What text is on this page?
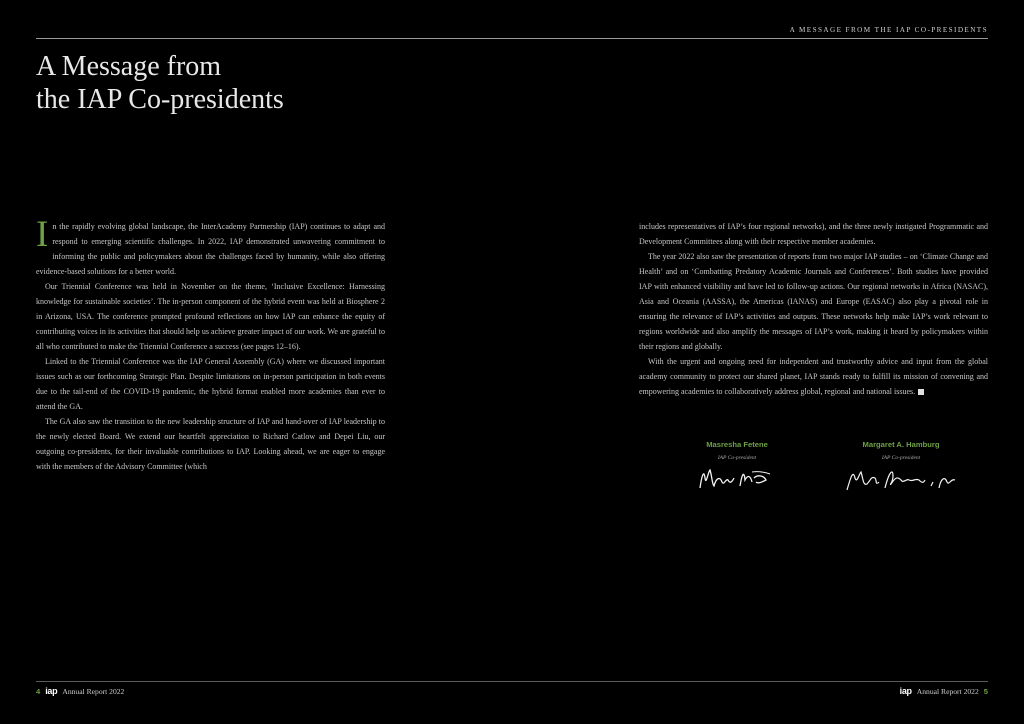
A MESSAGE FROM THE IAP CO-PRESIDENTS
A Message from
the IAP Co-presidents

In the rapidly evolving global landscape, the InterAcademy Partnership (IAP) continues to adapt and respond to emerging scientific challenges. In 2022, IAP demonstrated unwavering commitment to informing the public and policymakers about the challenges faced by humanity, while also offering evidence-based solutions for a better world.

Our Triennial Conference was held in November on the theme, ‘Inclusive Excellence: Harnessing knowledge for sustainable societies’. The in-person component of the hybrid event was held at Biosphere 2 in Arizona, USA. The conference prompted profound reflections on how IAP can enhance the equity of contributing voices in its activities that should help us achieve greater impact of our work. We are grateful to all who contributed to make the Triennial Conference a success (see pages 12–16).

Linked to the Triennial Conference was the IAP General Assembly (GA) where we discussed important issues such as our forthcoming Strategic Plan. Despite limitations on in-person participation in both events due to the tail-end of the COVID-19 pandemic, the hybrid format enabled more academies than ever to attend the GA.

The GA also saw the transition to the new leadership structure of IAP and hand-over of IAP leadership to the newly elected Board. We extend our heartfelt appreciation to Richard Catlow and Depei Liu, our outgoing co-presidents, for their invaluable contributions to IAP. Looking ahead, we are eager to engage with the members of the Advisory Committee (which

includes representatives of IAP’s four regional networks), and the three newly instigated Programmatic and Development Committees along with their respective member academies.

The year 2022 also saw the presentation of reports from two major IAP studies – on ‘Climate Change and Health’ and on ‘Combatting Predatory Academic Journals and Conferences’. Both studies have provided IAP with enhanced visibility and have led to follow-up actions. Our regional networks in Africa (NASAC), Asia and Oceania (AASSA), the Americas (IANAS) and Europe (EASAC) also play a pivotal role in ensuring the relevance of IAP’s activities and outputs. These networks help make IAP’s work relevant to regions worldwide and also amplify the messages of IAP’s work, making it heard by policymakers within their regions and globally.

With the urgent and ongoing need for independent and trustworthy advice and input from the global academy community to protect our shared planet, IAP stands ready to fulfill its mission of convening and empowering academies to collaboratively address global, regional and national issues.

Masresha Fetene
IAP Co-president
Margaret A. Hamburg
IAP Co-president
4 iap Annual Report 2022	iap Annual Report 2022 5
